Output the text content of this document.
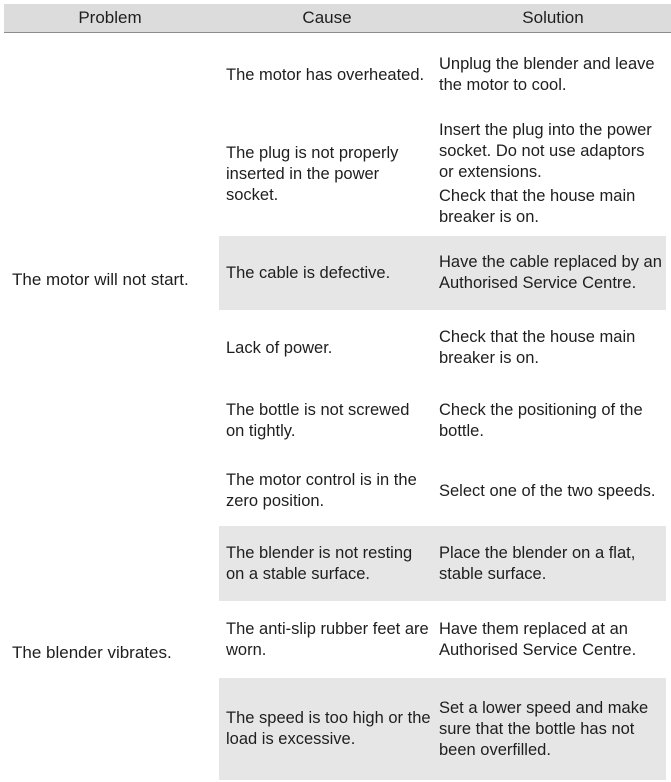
Problem	Cause	Solution
The motor will not start.
The motor has overheated.
Unplug the blender and leave the motor to cool.
The plug is not properly inserted in the power socket.
Insert the plug into the power socket. Do not use adaptors or extensions.
Check that the house main breaker is on.
The cable is defective.
Have the cable replaced by an Authorised Service Centre.
Lack of power.
Check that the house main breaker is on.
The bottle is not screwed on tightly.
Check the positioning of the bottle.
The motor control is in the zero position.
Select one of the two speeds.
The blender vibrates.
The blender is not resting on a stable surface.
Place the blender on a flat, stable surface.
The anti-slip rubber feet are worn.
Have them replaced at an Authorised Service Centre.
The speed is too high or the load is excessive.
Set a lower speed and make sure that the bottle has not been overfilled.
